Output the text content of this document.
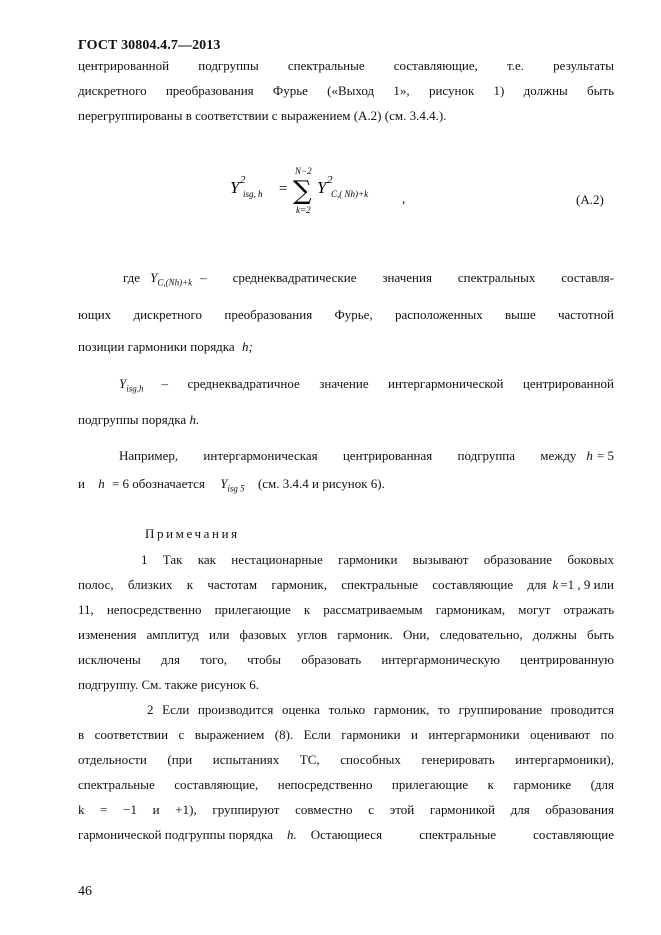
ГОСТ 30804.4.7—2013
центрированной подгруппы спектральные составляющие, т.е. результаты
дискретного преобразования Фурье («Выход 1», рисунок 1) должны быть
перегруппированы в соответствии с выражением (А.2) (см. 3.4.4.).
Y 2
isg, h =
N−2
∑
k=2
Y 2
C,( Nh)+k	,	(А.2)
где $Y_{C,(Nh)+k}$ – среднеквадратические значения спектральных составля-
ющих дискретного преобразования Фурье, расположенных выше частотной
позиции гармоники порядка h;
$Y_{isg,h}$ – среднеквадратичное значение интергармонической центрированной
подгруппы порядка h.
Например, интергармоническая центрированная подгруппа между h = 5
и h = 6 обозначается $Y_{isg 5}$ (см. 3.4.4 и рисунок 6).
Примечания
1 Так как нестационарные гармоники вызывают образование боковых
полос, близких к частотам гармоник, спектральные составляющие для k =1 , 9 или
11, непосредственно прилегающие к рассматриваемым гармоникам, могут отражать
изменения амплитуд или фазовых углов гармоник. Они, следовательно, должны быть
исключены для того, чтобы образовать интергармоническую центрированную
подгруппу. См. также рисунок 6.
2 Если производится оценка только гармоник, то группирование проводится
в соответствии с выражением (8). Если гармоники и интергармоники оценивают по
отдельности (при испытаниях ТС, способных генерировать интергармоники),
спектральные составляющие, непосредственно прилегающие к гармонике (для
k = −1 и +1), группируют совместно с этой гармоникой для образования
гармонической подгруппы порядка h. Остающиеся спектральные составляющие
46
